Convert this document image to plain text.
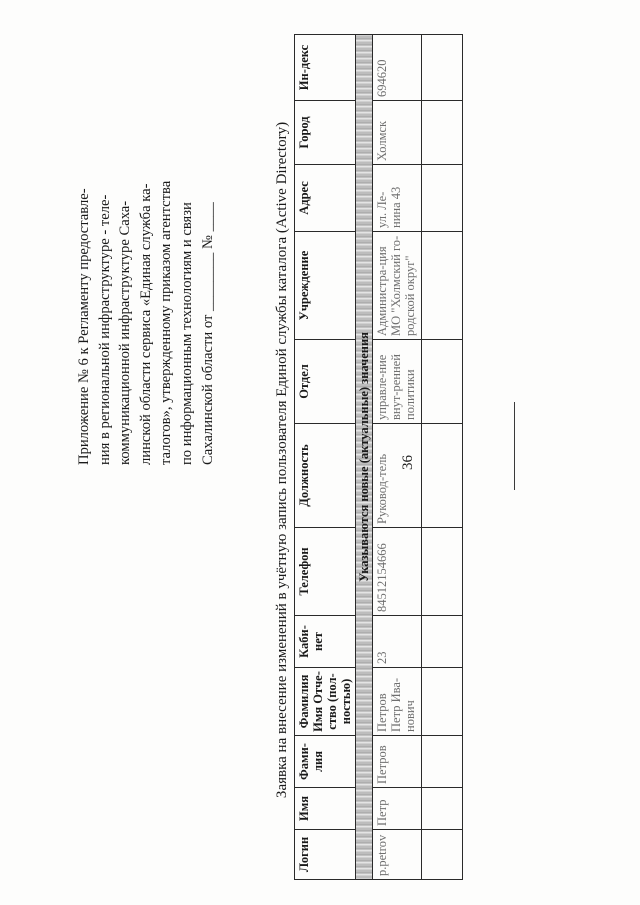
36

Приложение № 6 к Регламенту предоставле- ния в региональной инфраструктуре - теле- коммуникационной инфраструктуре Саха- линской области сервиса «Единая служба ка- талогов», утвержденному приказом агентства по информационным технологиям и связи Сахалинской области от ________ № ____	Заявка на внесение изменений в учётную запись пользователя Единой службы каталога (Active Directory)
Логин	Имя	Фами-лия	Фамилия Имя Отче-ство (пол-ностью)	Каби-нет	Телефон	Должность	Отдел	Учреждение	Адрес	Город	Ин-декс
Указываются новые (актуальные) значения											
p.petrov	Петр	Петров	Петров Петр Ива-нович	23	84512154666	Руковод-тель	управле-ние внут-ренней политики	Администра-ция МО "Холмский го-родской округ"	ул. Ле-нина 43	Холмск	694620
